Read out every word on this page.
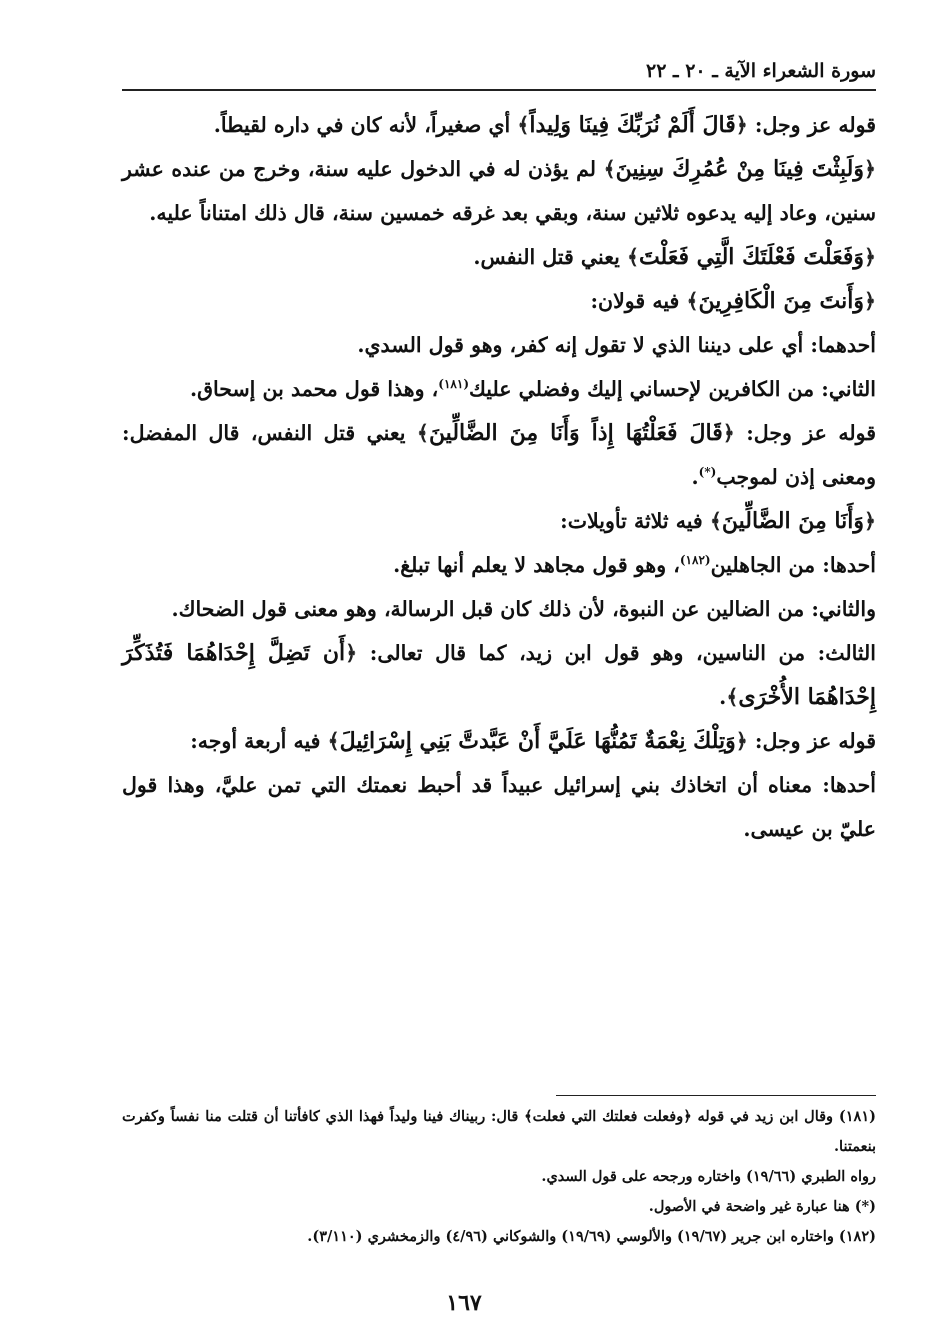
سورة الشعراء الآية ـ ٢٠ ـ ٢٢

قوله عز وجل: ﴿قَالَ أَلَمْ نُرَبِّكَ فِينَا وَلِيداً﴾ أي صغيراً، لأنه كان في داره لقيطاً.

﴿وَلَبِثْتَ فِينَا مِنْ عُمُرِكَ سِنِينَ﴾ لم يؤذن له في الدخول عليه سنة، وخرج من عنده عشر سنين، وعاد إليه يدعوه ثلاثين سنة، وبقي بعد غرقه خمسين سنة، قال ذلك امتناناً عليه.

﴿وَفَعَلْتَ فَعْلَتَكَ الَّتِي فَعَلْتَ﴾ يعني قتل النفس.

﴿وَأَنتَ مِنَ الْكَافِرِينَ﴾ فيه قولان:

أحدهما: أي على ديننا الذي لا تقول إنه كفر، وهو قول السدي.

الثاني: من الكافرين لإحساني إليك وفضلي عليك$^{(١٨١)}$، وهذا قول محمد بن إسحاق.

قوله عز وجل: ﴿قَالَ فَعَلْتُهَا إِذاً وَأَنَا مِنَ الضَّالِّينَ﴾ يعني قتل النفس، قال المفضل: ومعنى إذن لموجب(*).

﴿وَأَنَا مِنَ الضَّالِّينَ﴾ فيه ثلاثة تأويلات:

أحدها: من الجاهلين$^{(١٨٢)}$، وهو قول مجاهد لا يعلم أنها تبلغ.

والثاني: من الضالين عن النبوة، لأن ذلك كان قبل الرسالة، وهو معنى قول الضحاك.

الثالث: من الناسين، وهو قول ابن زيد، كما قال تعالى: ﴿أَن تَضِلَّ إِحْدَاهُمَا فَتُذَكِّرَ إِحْدَاهُمَا الأُخْرَى﴾.

قوله عز وجل: ﴿وَتِلْكَ نِعْمَةٌ تَمُنُّهَا عَلَيَّ أَنْ عَبَّدتَّ بَنِي إِسْرَائِيلَ﴾ فيه أربعة أوجه:

أحدها: معناه أن اتخاذك بني إسرائيل عبيداً قد أحبط نعمتك التي تمن عليَّ، وهذا قول عليّ بن عيسى.

(١٨١) وقال ابن زيد في قوله ﴿وفعلت فعلتك التي فعلت﴾ قال: ربيناك فينا وليداً فهذا الذي كافأتنا أن قتلت منا نفساً وكفرت بنعمتنا.

رواه الطبري (١٩/٦٦) واختاره ورجحه على قول السدي.

(*) هنا عبارة غير واضحة في الأصول.

(١٨٢) واختاره ابن جرير (١٩/٦٧) والألوسي (١٩/٦٩) والشوكاني (٤/٩٦) والزمخشري (٣/١١٠).

١٦٧
